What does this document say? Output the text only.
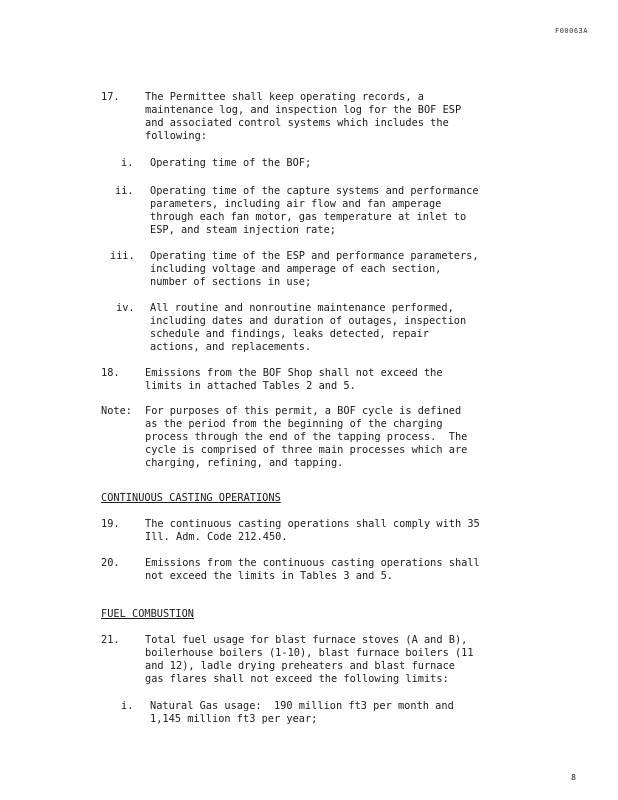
F00063A
17. The Permittee shall keep operating records, a
maintenance log, and inspection log for the BOF ESP
and associated control systems which includes the
following:
i. Operating time of the BOF;
ii. Operating time of the capture systems and performance
parameters, including air flow and fan amperage
through each fan motor, gas temperature at inlet to
ESP, and steam injection rate;
iii. Operating time of the ESP and performance parameters,
including voltage and amperage of each section,
number of sections in use;
iv. All routine and nonroutine maintenance performed,
including dates and duration of outages, inspection
schedule and findings, leaks detected, repair
actions, and replacements.
18. Emissions from the BOF Shop shall not exceed the
limits in attached Tables 2 and 5.
Note: For purposes of this permit, a BOF cycle is defined
as the period from the beginning of the charging
process through the end of the tapping process.  The
cycle is comprised of three main processes which are
charging, refining, and tapping.
CONTINUOUS CASTING OPERATIONS
19. The continuous casting operations shall comply with 35
Ill. Adm. Code 212.450.
20. Emissions from the continuous casting operations shall
not exceed the limits in Tables 3 and 5.
FUEL COMBUSTION
21. Total fuel usage for blast furnace stoves (A and B),
boilerhouse boilers (1-10), blast furnace boilers (11
and 12), ladle drying preheaters and blast furnace
gas flares shall not exceed the following limits:
i. Natural Gas usage:  190 million ft3 per month and
1,145 million ft3 per year;
8
